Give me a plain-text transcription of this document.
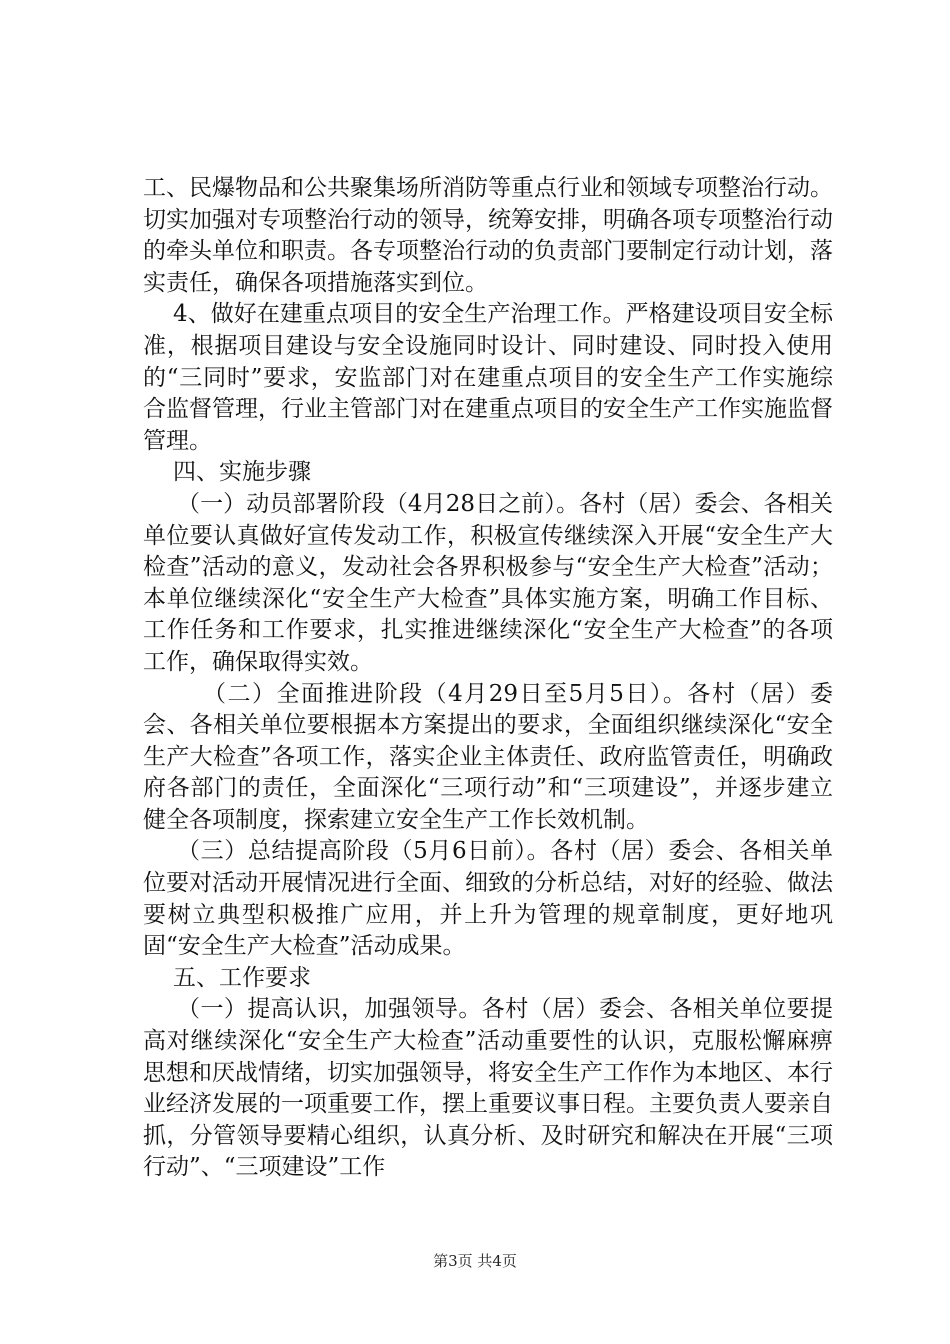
工、民爆物品和公共聚集场所消防等重点行业和领域专项整治行动。切实加强对专项整治行动的领导，统筹安排，明确各项专项整治行动的牵头单位和职责。各专项整治行动的负责部门要制定行动计划，落实责任，确保各项措施落实到位。

4、做好在建重点项目的安全生产治理工作。严格建设项目安全标准，根据项目建设与安全设施同时设计、同时建设、同时投入使用的“三同时”要求，安监部门对在建重点项目的安全生产工作实施综合监督管理，行业主管部门对在建重点项目的安全生产工作实施监督管理。

四、实施步骤

（一）动员部署阶段（4月28日之前）。各村（居）委会、各相关单位要认真做好宣传发动工作，积极宣传继续深入开展“安全生产大检查”活动的意义，发动社会各界积极参与“安全生产大检查”活动；本单位继续深化“安全生产大检查”具体实施方案，明确工作目标、工作任务和工作要求，扎实推进继续深化“安全生产大检查”的各项工作，确保取得实效。

（二）全面推进阶段（4月29日至5月5日）。各村（居）委会、各相关单位要根据本方案提出的要求，全面组织继续深化“安全生产大检查”各项工作，落实企业主体责任、政府监管责任，明确政府各部门的责任，全面深化“三项行动”和“三项建设”，并逐步建立健全各项制度，探索建立安全生产工作长效机制。

（三）总结提高阶段（5月6日前）。各村（居）委会、各相关单位要对活动开展情况进行全面、细致的分析总结，对好的经验、做法要树立典型积极推广应用，并上升为管理的规章制度，更好地巩固“安全生产大检查”活动成果。

五、工作要求

（一）提高认识，加强领导。各村（居）委会、各相关单位要提高对继续深化“安全生产大检查”活动重要性的认识，克服松懈麻痹思想和厌战情绪，切实加强领导，将安全生产工作作为本地区、本行业经济发展的一项重要工作，摆上重要议事日程。主要负责人要亲自抓，分管领导要精心组织，认真分析、及时研究和解决在开展“三项行动”、“三项建设”工作

第3页 共4页
